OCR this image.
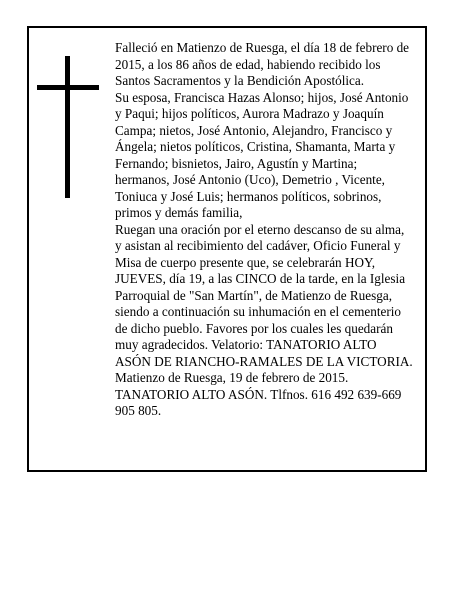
Falleció en Matienzo de Ruesga, el día 18 de febrero de
2015, a los 86 años de edad, habiendo recibido los
Santos Sacramentos y la Bendición Apostólica.
Su esposa, Francisca Hazas Alonso; hijos, José Antonio
y Paqui; hijos políticos, Aurora Madrazo y Joaquín
Campa; nietos, José Antonio, Alejandro, Francisco y
Ángela; nietos políticos, Cristina, Shamanta, Marta y
Fernando; bisnietos, Jairo, Agustín y Martina;
hermanos, José Antonio (Uco), Demetrio , Vicente,
Toniuca y José Luis; hermanos políticos, sobrinos,
primos y demás familia,
Ruegan una oración por el eterno descanso de su alma,
y asistan al recibimiento del cadáver, Oficio Funeral y
Misa de cuerpo presente que, se celebrarán HOY,
JUEVES, día 19, a las CINCO de la tarde, en la Iglesia
Parroquial de "San Martín", de Matienzo de Ruesga,
siendo a continuación su inhumación en el cementerio
de dicho pueblo. Favores por los cuales les quedarán
muy agradecidos. Velatorio: TANATORIO ALTO
ASÓN DE RIANCHO-RAMALES DE LA VICTORIA.
Matienzo de Ruesga, 19 de febrero de 2015.
TANATORIO ALTO ASÓN. Tlfnos. 616 492 639-669
905 805.
